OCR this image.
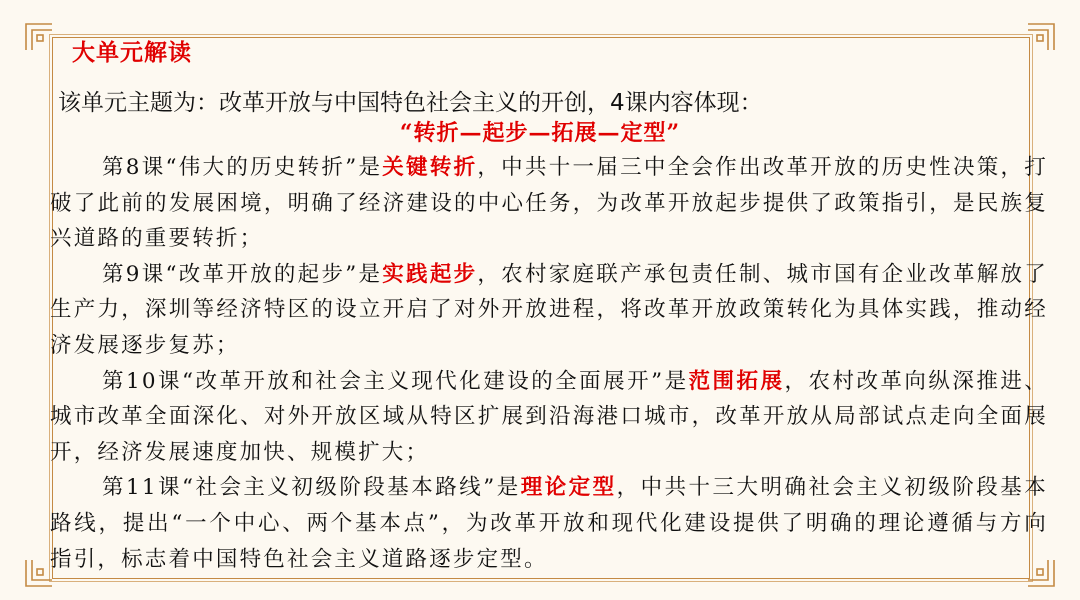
大单元解读
该单元主题为：改革开放与中国特色社会主义的开创，4课内容体现：
“转折—起步—拓展—定型”

第8课“伟大的历史转折”是关键转折，中共十一届三中全会作出改革开放的历史性决策，打破了此前的发展困境，明确了经济建设的中心任务，为改革开放起步提供了政策指引，是民族复兴道路的重要转折；

第9课“改革开放的起步”是实践起步，农村家庭联产承包责任制、城市国有企业改革解放了生产力，深圳等经济特区的设立开启了对外开放进程，将改革开放政策转化为具体实践，推动经济发展逐步复苏；

第10课“改革开放和社会主义现代化建设的全面展开”是范围拓展，农村改革向纵深推进、城市改革全面深化、对外开放区域从特区扩展到沿海港口城市，改革开放从局部试点走向全面展开，经济发展速度加快、规模扩大；

第11课“社会主义初级阶段基本路线”是理论定型，中共十三大明确社会主义初级阶段基本路线，提出“一个中心、两个基本点”，为改革开放和现代化建设提供了明确的理论遵循与方向指引，标志着中国特色社会主义道路逐步定型。
